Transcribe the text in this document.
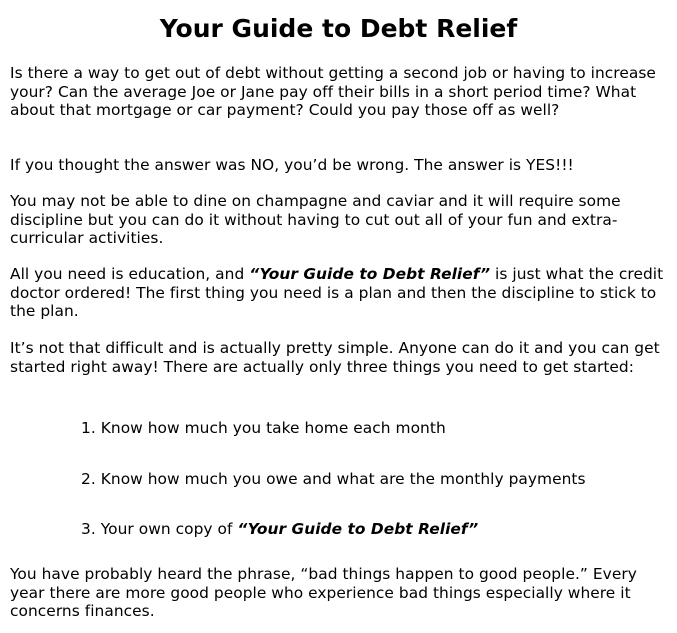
Your Guide to Debt Relief

Is there a way to get out of debt without getting a second job or having to increase your? Can the average Joe or Jane pay off their bills in a short period time? What about that mortgage or car payment? Could you pay those off as well?

If you thought the answer was NO, you’d be wrong. The answer is YES!!!

You may not be able to dine on champagne and caviar and it will require some discipline but you can do it without having to cut out all of your fun and extra-curricular activities.

All you need is education, and “Your Guide to Debt Relief” is just what the credit doctor ordered! The first thing you need is a plan and then the discipline to stick to the plan.

It’s not that difficult and is actually pretty simple. Anyone can do it and you can get started right away! There are actually only three things you need to get started:

1. Know how much you take home each month

2. Know how much you owe and what are the monthly payments

3. Your own copy of “Your Guide to Debt Relief”

You have probably heard the phrase, “bad things happen to good people.” Every year there are more good people who experience bad things especially where it concerns finances.
